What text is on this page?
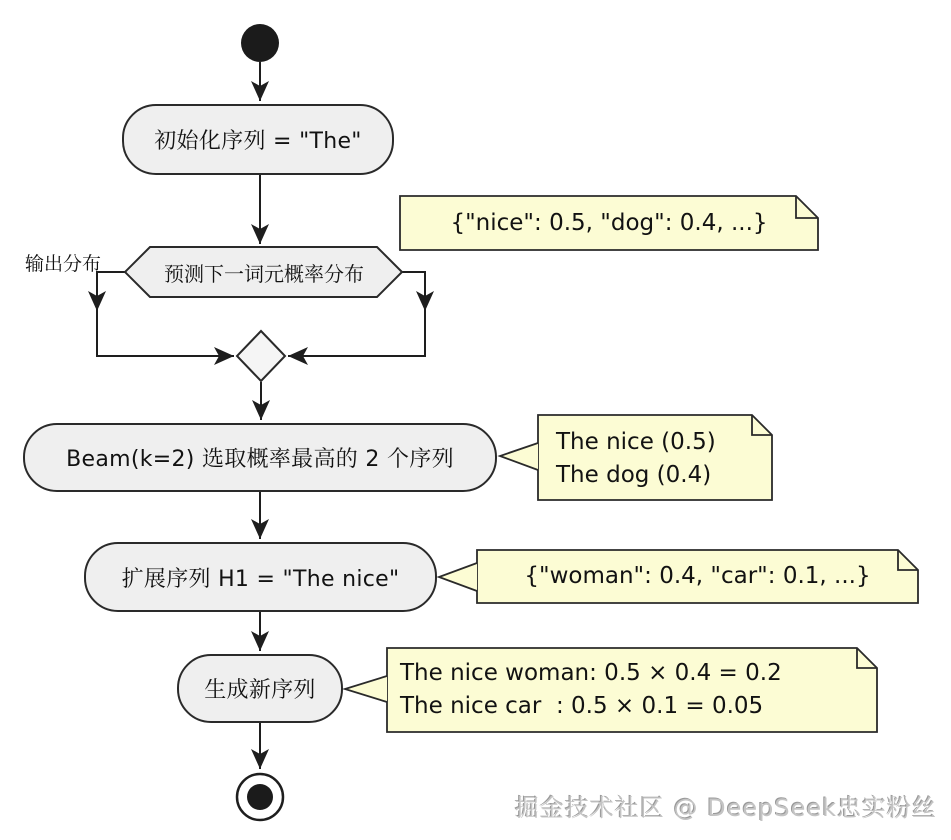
初始化序列 = "The"
预测下一词元概率分布
输出分布
Beam(k=2) 选取概率最高的 2 个序列
扩展序列 H1 = "The nice"
生成新序列
{"nice": 0.5, "dog": 0.4, ...}
The nice (0.5)
The dog (0.4)
{"woman": 0.4, "car": 0.1, ...}
The nice woman: 0.5 × 0.4 = 0.2
The nice car  : 0.5 × 0.1 = 0.05
掘金技术社区 @ DeepSeek忠实粉丝
